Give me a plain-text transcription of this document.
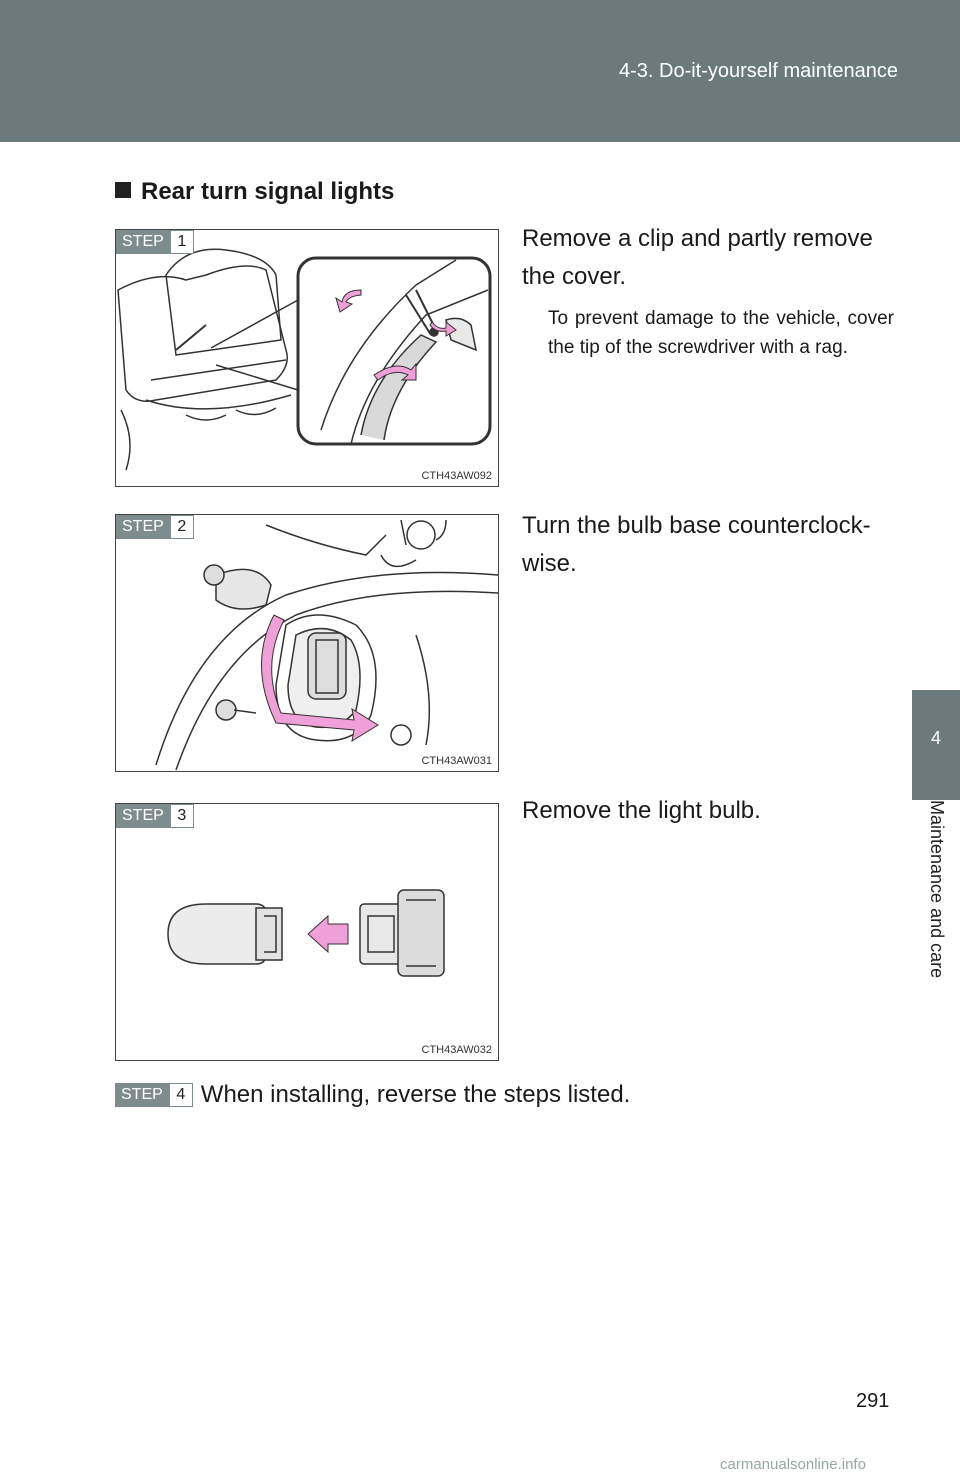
4-3. Do-it-yourself maintenance
4
Maintenance and care
Rear turn signal lights
STEP 1
CTH43AW092
Remove a clip and partly remove the cover.
To prevent damage to the vehicle, cover the tip of the screwdriver with a rag.
STEP 2
CTH43AW031
Turn the bulb base counterclock-wise.
STEP 3
CTH43AW032
Remove the light bulb.
STEP 4 When installing, reverse the steps listed.
291
carmanualsonline.info
